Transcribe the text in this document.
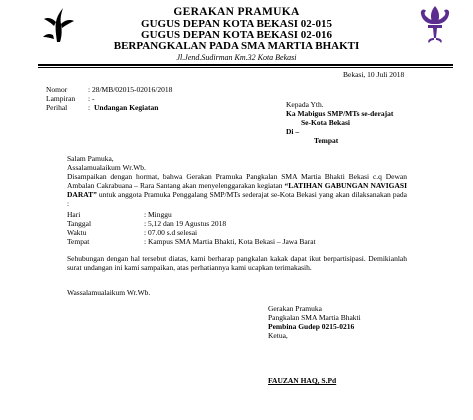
GERAKAN PRAMUKA
GUGUS DEPAN KOTA BEKASI 02-015
GUGUS DEPAN KOTA BEKASI 02-016
BERPANGKALAN PADA SMA MARTIA BHAKTI
Jl.Jend.Sudirman Km.32 Kota Bekasi
Bekasi, 10 Juli 2018
Nomor	: 28/MB/02015-02016/2018
Lampiran : -
Perihal	: Undangan Kegiatan	Kepada Yth.
Ka Mabigus SMP/MTs se-derajat
Se-Kota Bekasi
Di –
Tempat
Salam Pamuka,
Assalamualaikum Wr.Wb.
Disampaikan dengan hormat, bahwa Gerakan Pramuka Pangkalan SMA Martia Bhakti Bekasi c.q Dewan Ambalan Cakrabuana – Rara Santang akan menyelenggarakan kegiatan “LATIHAN GABUNGAN NAVIGASI DARAT” untuk anggota Pramuka Penggalang SMP/MTs sederajat se-Kota Bekasi yang akan dilaksanakan pada :
Hari	: Minggu
Tanggal	: 5,12 dan 19 Agustus 2018
Waktu	: 07.00 s.d selesai
Tempat	: Kampus SMA Martia Bhakti, Kota Bekasi – Jawa Barat
Sehubungan dengan hal tersebut diatas, kami berharap pangkalan kakak dapat ikut berpartisipasi. Demikianlah surat undangan ini kami sampaikan, atas perhatiannya kami ucapkan terimakasih.
Wassalamualaikum Wr.Wb.
Gerakan Pramuka
Pangkalan SMA Martia Bhakti
Pembina Gudep 0215-0216
Ketua,
FAUZAN HAQ, S.Pd
